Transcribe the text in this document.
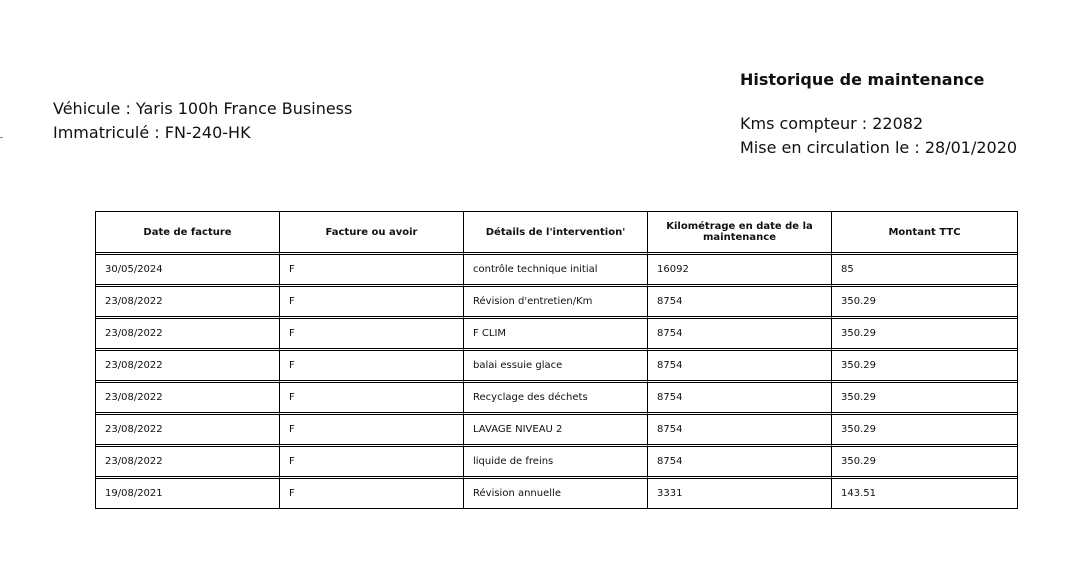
Véhicule : Yaris 100h France Business
Immatriculé : FN-240-HK
Historique de maintenance
Kms compteur : 22082
Mise en circulation le : 28/01/2020
Date de facture	Facture ou avoir	Détails de l'intervention'	Kilométrage en date de la maintenance	Montant TTC
30/05/2024	F	contrôle technique initial	16092	85
23/08/2022	F	Révision d'entretien/Km	8754	350.29
23/08/2022	F	F CLIM	8754	350.29
23/08/2022	F	balai essuie glace	8754	350.29
23/08/2022	F	Recyclage des déchets	8754	350.29
23/08/2022	F	LAVAGE NIVEAU 2	8754	350.29
23/08/2022	F	liquide de freins	8754	350.29
19/08/2021	F	Révision annuelle	3331	143.51
